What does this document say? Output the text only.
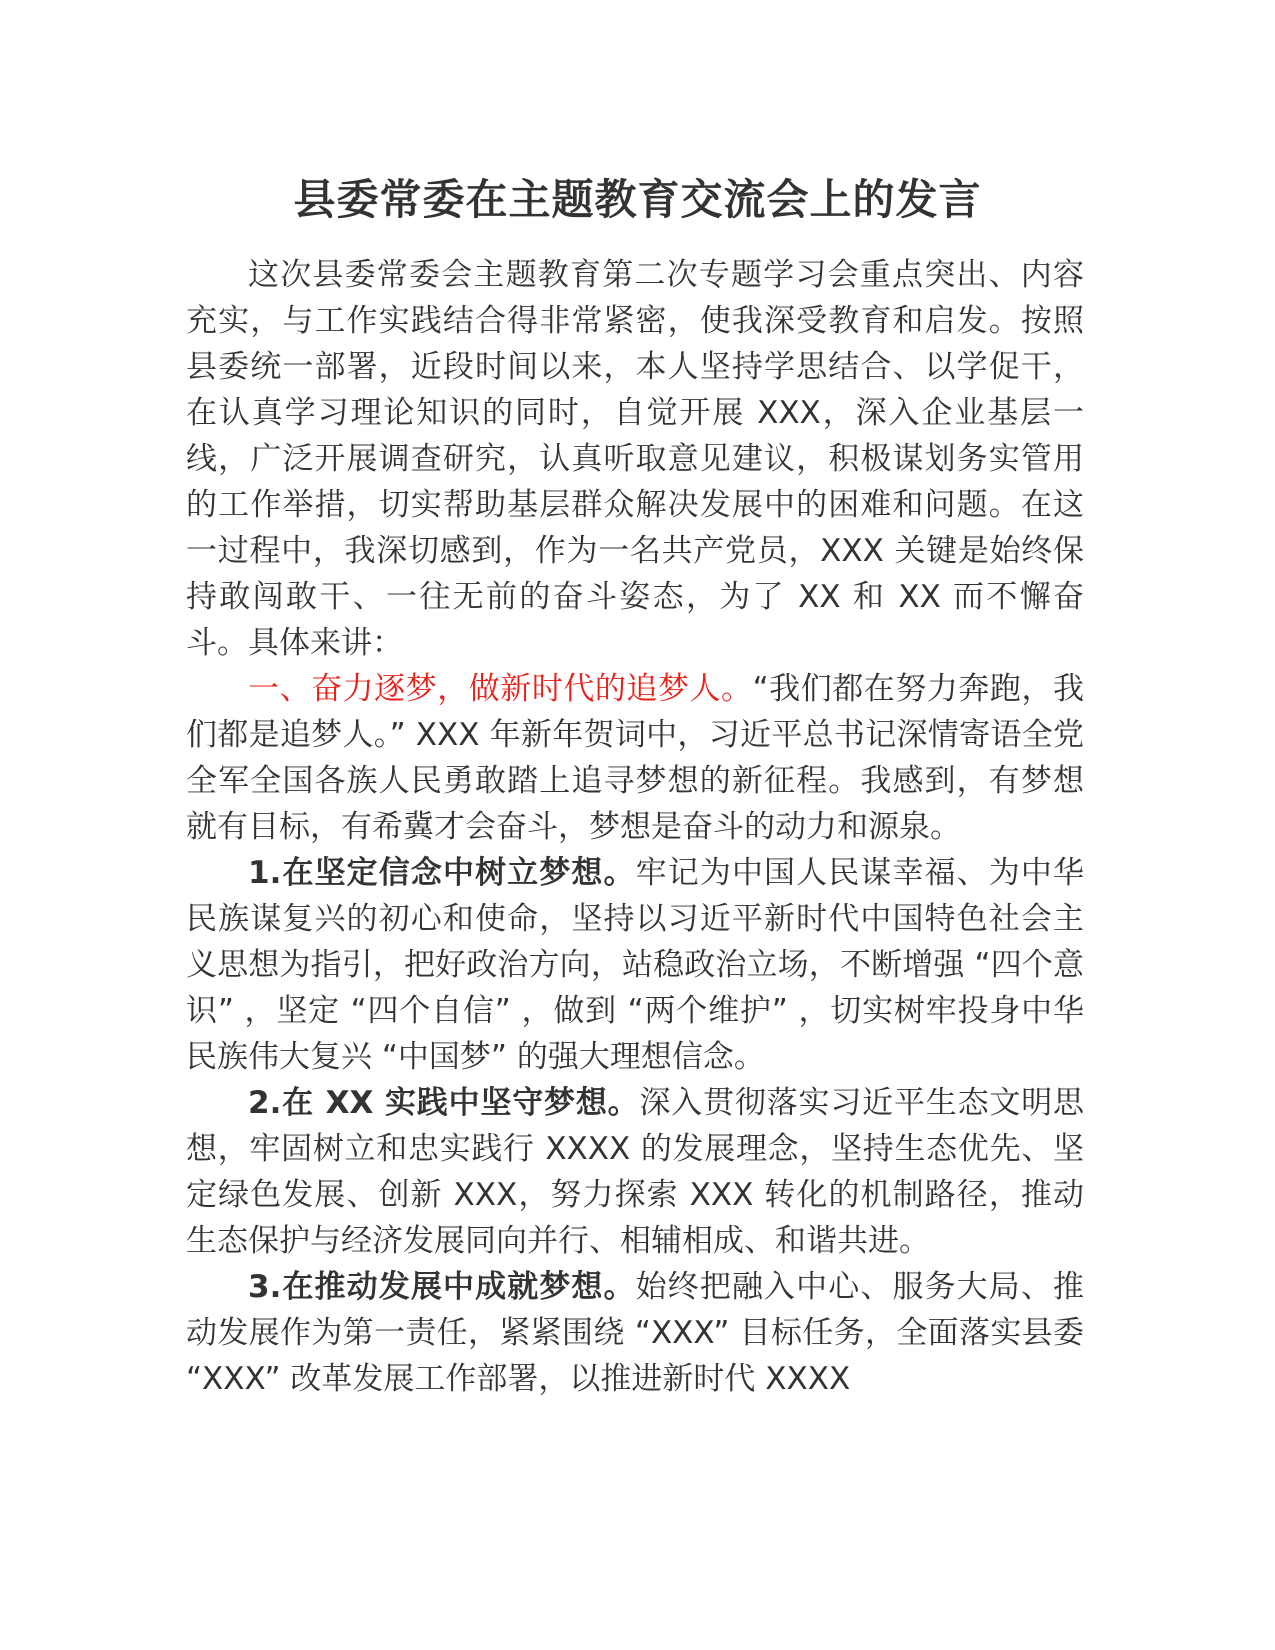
县委常委在主题教育交流会上的发言

这次县委常委会主题教育第二次专题学习会重点突出、内容充实，与工作实践结合得非常紧密，使我深受教育和启发。按照县委统一部署，近段时间以来，本人坚持学思结合、以学促干，在认真学习理论知识的同时，自觉开展 XXX，深入企业基层一线，广泛开展调查研究，认真听取意见建议，积极谋划务实管用的工作举措，切实帮助基层群众解决发展中的困难和问题。在这一过程中，我深切感到，作为一名共产党员，XXX 关键是始终保持敢闯敢干、一往无前的奋斗姿态，为了 XX 和 XX 而不懈奋斗。具体来讲：

一、奋力逐梦，做新时代的追梦人。“我们都在努力奔跑，我们都是追梦人。” XXX 年新年贺词中，习近平总书记深情寄语全党全军全国各族人民勇敢踏上追寻梦想的新征程。我感到，有梦想就有目标，有希冀才会奋斗，梦想是奋斗的动力和源泉。

1.在坚定信念中树立梦想。牢记为中国人民谋幸福、为中华民族谋复兴的初心和使命，坚持以习近平新时代中国特色社会主义思想为指引，把好政治方向，站稳政治立场，不断增强 “四个意识” ，坚定 “四个自信” ，做到 “两个维护” ，切实树牢投身中华民族伟大复兴 “中国梦” 的强大理想信念。

2.在 XX 实践中坚守梦想。深入贯彻落实习近平生态文明思想，牢固树立和忠实践行 XXXX 的发展理念，坚持生态优先、坚定绿色发展、创新 XXX，努力探索 XXX 转化的机制路径，推动生态保护与经济发展同向并行、相辅相成、和谐共进。

3.在推动发展中成就梦想。始终把融入中心、服务大局、推动发展作为第一责任，紧紧围绕 “XXX” 目标任务，全面落实县委 “XXX” 改革发展工作部署，以推进新时代 XXXX
